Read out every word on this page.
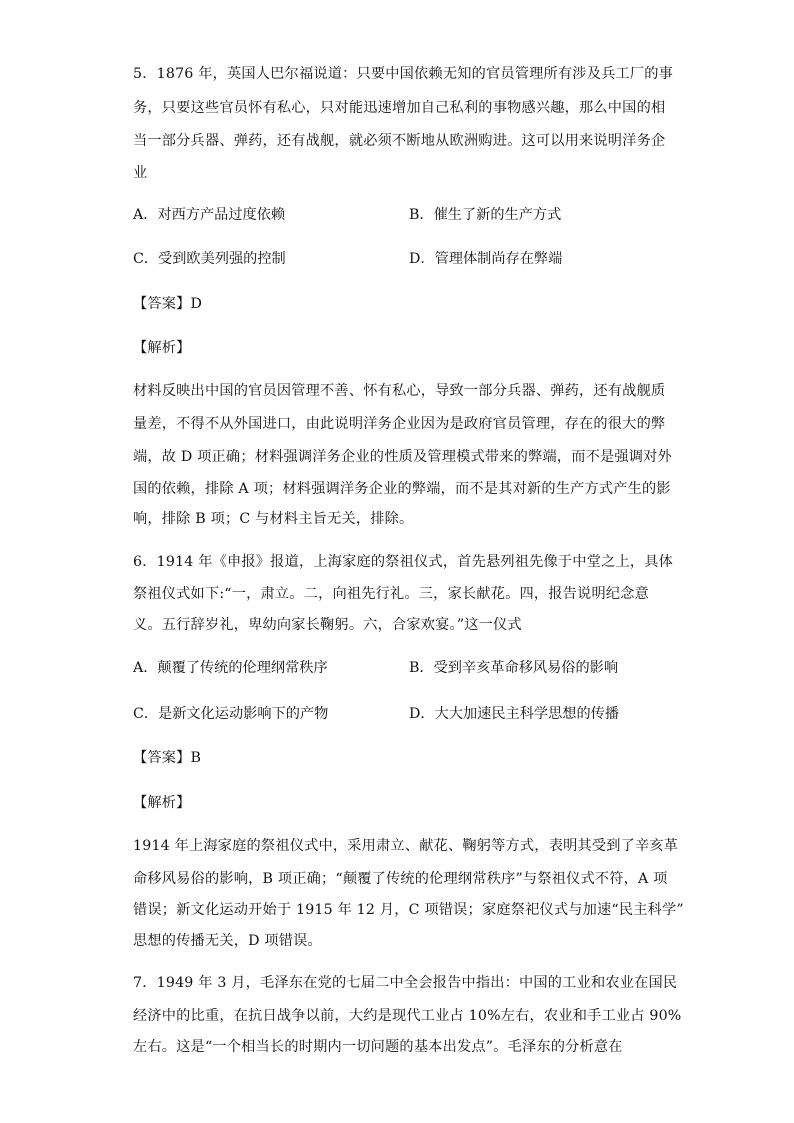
5．1876 年，英国人巴尔福说道：只要中国依赖无知的官员管理所有涉及兵工厂的事
务，只要这些官员怀有私心，只对能迅速增加自己私利的事物感兴趣，那么中国的相
当一部分兵器、弹药，还有战舰，就必须不断地从欧洲购进。这可以用来说明洋务企
业
A．对西方产品过度依赖	B．催生了新的生产方式
C．受到欧美列强的控制	D．管理体制尚存在弊端
【答案】D
【解析】
材料反映出中国的官员因管理不善、怀有私心，导致一部分兵器、弹药，还有战舰质
量差，不得不从外国进口，由此说明洋务企业因为是政府官员管理，存在的很大的弊
端，故 D 项正确；材料强调洋务企业的性质及管理模式带来的弊端，而不是强调对外
国的依赖，排除 A 项；材料强调洋务企业的弊端，而不是其对新的生产方式产生的影
响，排除 B 项；C 与材料主旨无关，排除。
6．1914 年《申报》报道，上海家庭的祭祖仪式，首先悬列祖先像于中堂之上，具体
祭祖仪式如下:“一，肃立。二，向祖先行礼。三，家长献花。四，报告说明纪念意
义。五行辞岁礼，卑幼向家长鞠躬。六，合家欢宴。”这一仪式
A．颠覆了传统的伦理纲常秩序	B．受到辛亥革命移风易俗的影响
C．是新文化运动影响下的产物	D．大大加速民主科学思想的传播
【答案】B
【解析】
1914 年上海家庭的祭祖仪式中，采用肃立、献花、鞠躬等方式，表明其受到了辛亥革
命移风易俗的影响，B 项正确；“颠覆了传统的伦理纲常秩序”与祭祖仪式不符，A 项
错误；新文化运动开始于 1915 年 12 月，C 项错误；家庭祭祀仪式与加速“民主科学”
思想的传播无关，D 项错误。
7．1949 年 3 月，毛泽东在党的七届二中全会报告中指出：中国的工业和农业在国民
经济中的比重，在抗日战争以前，大约是现代工业占 10%左右，农业和手工业占 90%
左右。这是“一个相当长的时期内一切问题的基本出发点”。毛泽东的分析意在
